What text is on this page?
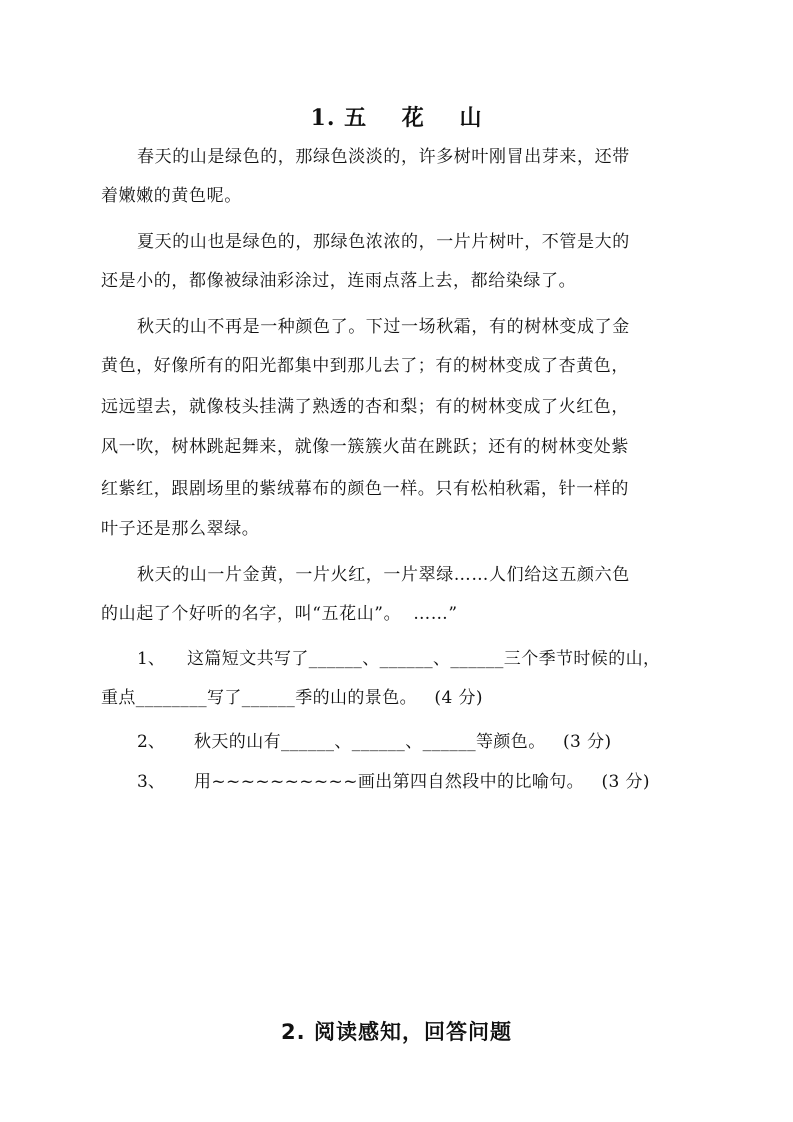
1. 五    花    山
春天的山是绿色的，那绿色淡淡的，许多树叶刚冒出芽来，还带
着嫩嫩的黄色呢。
夏天的山也是绿色的，那绿色浓浓的，一片片树叶，不管是大的
还是小的，都像被绿油彩涂过，连雨点落上去，都给染绿了。
秋天的山不再是一种颜色了。下过一场秋霜，有的树林变成了金
黄色，好像所有的阳光都集中到那儿去了；有的树林变成了杏黄色，
远远望去，就像枝头挂满了熟透的杏和梨；有的树林变成了火红色，
风一吹，树林跳起舞来，就像一簇簇火苗在跳跃；还有的树林变处紫
红紫红，跟剧场里的紫绒幕布的颜色一样。只有松柏秋霜，针一样的
叶子还是那么翠绿。
秋天的山一片金黄，一片火红，一片翠绿……人们给这五颜六色
的山起了个好听的名字，叫“五花山”。  ……”
1、 这篇短文共写了______、______、______三个季节时候的山，
重点________写了______季的山的景色。   (4 分)
2、 秋天的山有______、______、______等颜色。   (3 分)
3、 用~~~~~~~~~~画出第四自然段中的比喻句。   (3 分)
2. 阅读感知，回答问题
